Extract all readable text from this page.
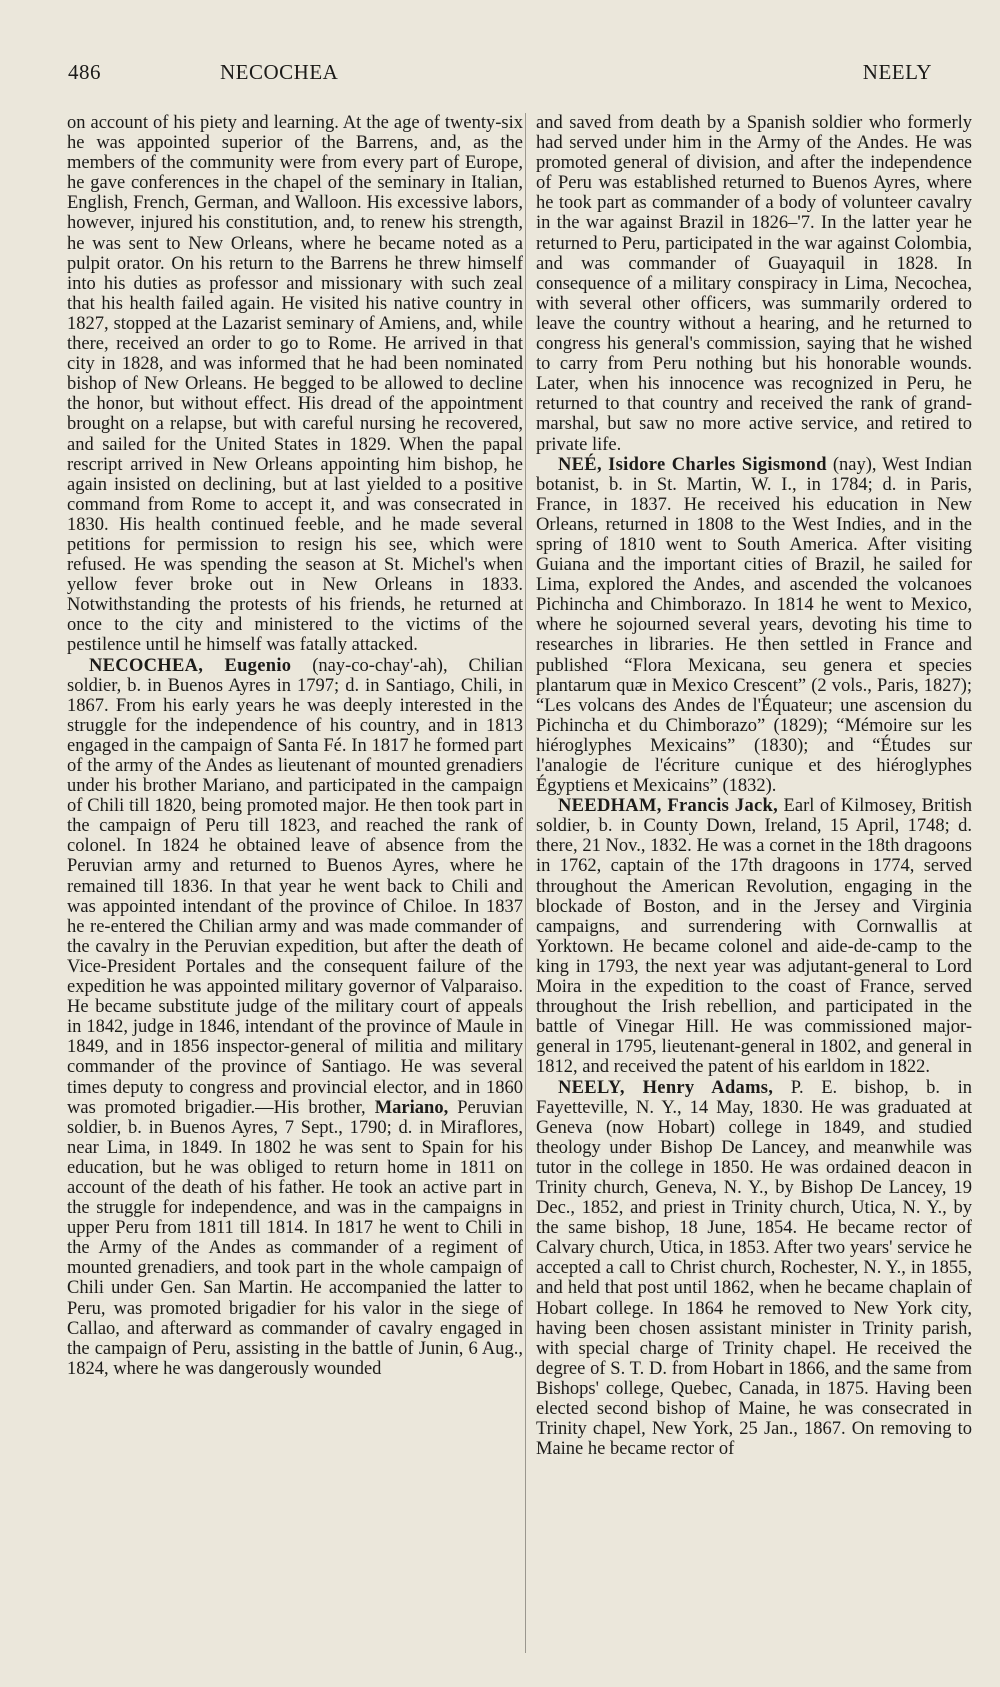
486	NECOCHEA	NEELY

on account of his piety and learning. At the age of twenty-six he was appointed superior of the Barrens, and, as the members of the community were from every part of Europe, he gave conferences in the chapel of the seminary in Italian, English, French, German, and Walloon. His excessive labors, however, injured his constitution, and, to renew his strength, he was sent to New Orleans, where he became noted as a pulpit orator. On his return to the Barrens he threw himself into his duties as professor and missionary with such zeal that his health failed again. He visited his native country in 1827, stopped at the Lazarist seminary of Amiens, and, while there, received an order to go to Rome. He arrived in that city in 1828, and was informed that he had been nominated bishop of New Orleans. He begged to be allowed to decline the honor, but without effect. His dread of the appointment brought on a relapse, but with careful nursing he recovered, and sailed for the United States in 1829. When the papal rescript arrived in New Orleans appointing him bishop, he again insisted on declining, but at last yielded to a positive command from Rome to accept it, and was consecrated in 1830. His health continued feeble, and he made several petitions for permission to resign his see, which were refused. He was spending the season at St. Michel's when yellow fever broke out in New Orleans in 1833. Notwithstanding the protests of his friends, he returned at once to the city and ministered to the victims of the pestilence until he himself was fatally attacked.

NECOCHEA, Eugenio (nay-co-chay'-ah), Chilian soldier, b. in Buenos Ayres in 1797; d. in Santiago, Chili, in 1867. From his early years he was deeply interested in the struggle for the independence of his country, and in 1813 engaged in the campaign of Santa Fé. In 1817 he formed part of the army of the Andes as lieutenant of mounted grenadiers under his brother Mariano, and participated in the campaign of Chili till 1820, being promoted major. He then took part in the campaign of Peru till 1823, and reached the rank of colonel. In 1824 he obtained leave of absence from the Peruvian army and returned to Buenos Ayres, where he remained till 1836. In that year he went back to Chili and was appointed intendant of the province of Chiloe. In 1837 he re-entered the Chilian army and was made commander of the cavalry in the Peruvian expedition, but after the death of Vice-President Portales and the consequent failure of the expedition he was appointed military governor of Valparaiso. He became substitute judge of the military court of appeals in 1842, judge in 1846, intendant of the province of Maule in 1849, and in 1856 inspector-general of militia and military commander of the province of Santiago. He was several times deputy to congress and provincial elector, and in 1860 was promoted brigadier.—His brother, Mariano, Peruvian soldier, b. in Buenos Ayres, 7 Sept., 1790; d. in Miraflores, near Lima, in 1849. In 1802 he was sent to Spain for his education, but he was obliged to return home in 1811 on account of the death of his father. He took an active part in the struggle for independence, and was in the campaigns in upper Peru from 1811 till 1814. In 1817 he went to Chili in the Army of the Andes as commander of a regiment of mounted grenadiers, and took part in the whole campaign of Chili under Gen. San Martin. He accompanied the latter to Peru, was promoted brigadier for his valor in the siege of Callao, and afterward as commander of cavalry engaged in the campaign of Peru, assisting in the battle of Junin, 6 Aug., 1824, where he was dangerously wounded

and saved from death by a Spanish soldier who formerly had served under him in the Army of the Andes. He was promoted general of division, and after the independence of Peru was established returned to Buenos Ayres, where he took part as commander of a body of volunteer cavalry in the war against Brazil in 1826–'7. In the latter year he returned to Peru, participated in the war against Colombia, and was commander of Guayaquil in 1828. In consequence of a military conspiracy in Lima, Necochea, with several other officers, was summarily ordered to leave the country without a hearing, and he returned to congress his general's commission, saying that he wished to carry from Peru nothing but his honorable wounds. Later, when his innocence was recognized in Peru, he returned to that country and received the rank of grand-marshal, but saw no more active service, and retired to private life.

NEÉ, Isidore Charles Sigismond (nay), West Indian botanist, b. in St. Martin, W. I., in 1784; d. in Paris, France, in 1837. He received his education in New Orleans, returned in 1808 to the West Indies, and in the spring of 1810 went to South America. After visiting Guiana and the important cities of Brazil, he sailed for Lima, explored the Andes, and ascended the volcanoes Pichincha and Chimborazo. In 1814 he went to Mexico, where he sojourned several years, devoting his time to researches in libraries. He then settled in France and published “Flora Mexicana, seu genera et species plantarum quæ in Mexico Crescent” (2 vols., Paris, 1827); “Les volcans des Andes de l'Équateur; une ascension du Pichincha et du Chimborazo” (1829); “Mémoire sur les hiéroglyphes Mexicains” (1830); and “Études sur l'analogie de l'écriture cunique et des hiéroglyphes Égyptiens et Mexicains” (1832).

NEEDHAM, Francis Jack, Earl of Kilmosey, British soldier, b. in County Down, Ireland, 15 April, 1748; d. there, 21 Nov., 1832. He was a cornet in the 18th dragoons in 1762, captain of the 17th dragoons in 1774, served throughout the American Revolution, engaging in the blockade of Boston, and in the Jersey and Virginia campaigns, and surrendering with Cornwallis at Yorktown. He became colonel and aide-de-camp to the king in 1793, the next year was adjutant-general to Lord Moira in the expedition to the coast of France, served throughout the Irish rebellion, and participated in the battle of Vinegar Hill. He was commissioned major-general in 1795, lieutenant-general in 1802, and general in 1812, and received the patent of his earldom in 1822.

NEELY, Henry Adams, P. E. bishop, b. in Fayetteville, N. Y., 14 May, 1830. He was graduated at Geneva (now Hobart) college in 1849, and studied theology under Bishop De Lancey, and meanwhile was tutor in the college in 1850. He was ordained deacon in Trinity church, Geneva, N. Y., by Bishop De Lancey, 19 Dec., 1852, and priest in Trinity church, Utica, N. Y., by the same bishop, 18 June, 1854. He became rector of Calvary church, Utica, in 1853. After two years' service he accepted a call to Christ church, Rochester, N. Y., in 1855, and held that post until 1862, when he became chaplain of Hobart college. In 1864 he removed to New York city, having been chosen assistant minister in Trinity parish, with special charge of Trinity chapel. He received the degree of S. T. D. from Hobart in 1866, and the same from Bishops' college, Quebec, Canada, in 1875. Having been elected second bishop of Maine, he was consecrated in Trinity chapel, New York, 25 Jan., 1867. On removing to Maine he became rector of
